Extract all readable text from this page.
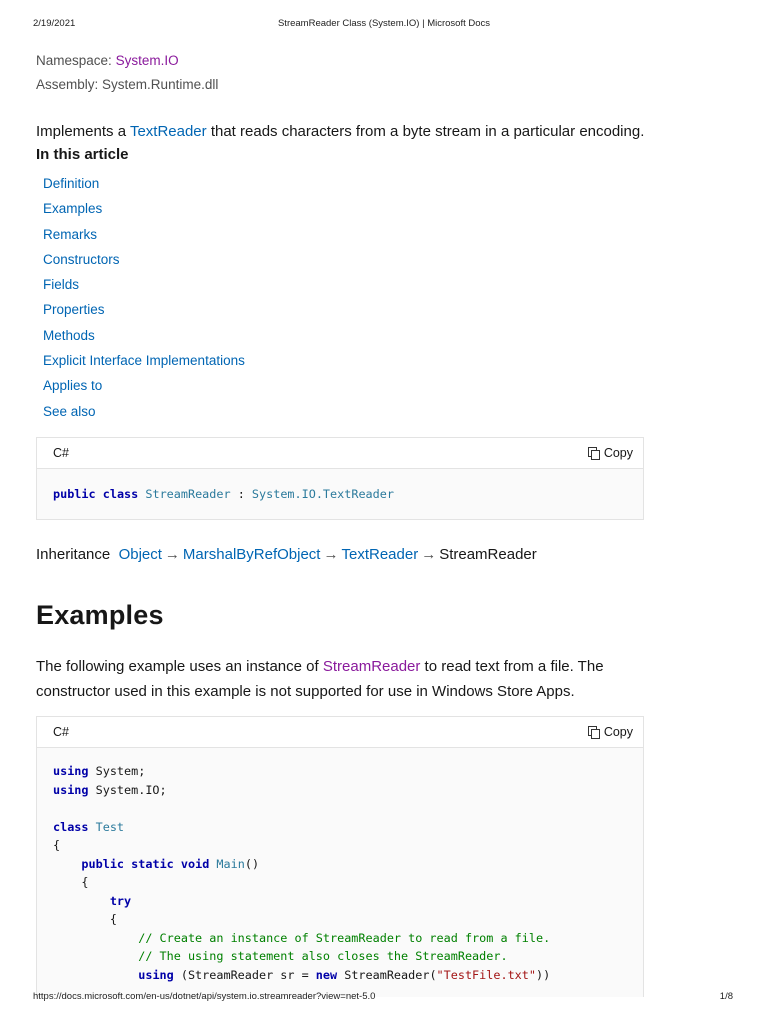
2/19/2021	StreamReader Class (System.IO) | Microsoft Docs
Namespace: System.IO
Assembly: System.Runtime.dll
Implements a TextReader that reads characters from a byte stream in a particular encoding.
In this article
Definition
Examples
Remarks
Constructors
Fields
Properties
Methods
Explicit Interface Implementations
Applies to
See also
C#	Copy
public class StreamReader : System.IO.TextReader
Inheritance Object → MarshalByRefObject → TextReader → StreamReader
Examples
The following example uses an instance of StreamReader to read text from a file. The constructor used in this example is not supported for use in Windows Store Apps.
C#	Copy
using System;
using System.IO;

class Test
{
public static void Main()
{
try
{
// Create an instance of StreamReader to read from a file.
// The using statement also closes the StreamReader.
using (StreamReader sr = new StreamReader("TestFile.txt"))
https://docs.microsoft.com/en-us/dotnet/api/system.io.streamreader?view=net-5.0	1/8
